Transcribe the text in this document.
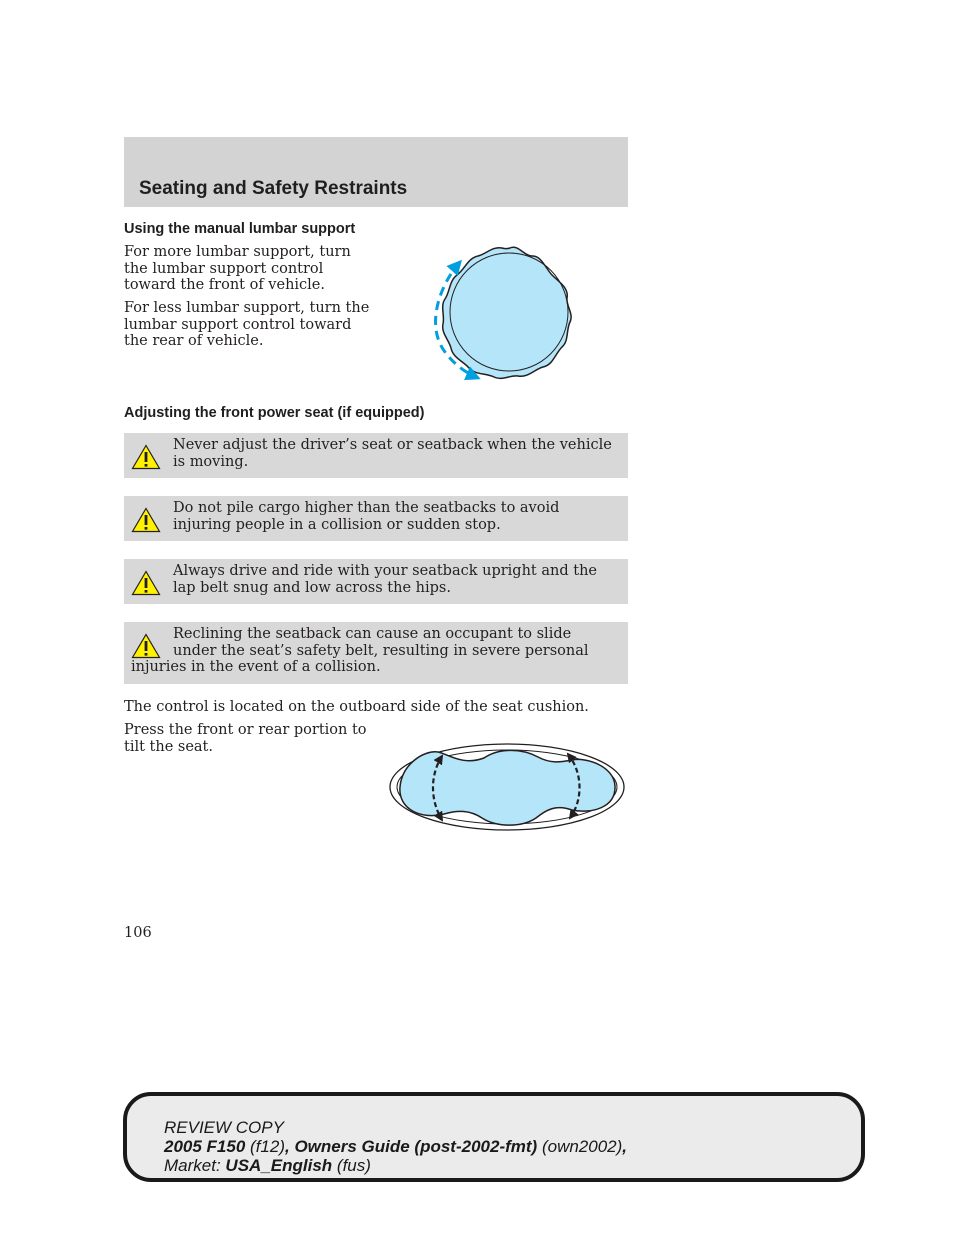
Seating and Safety Restraints
Using the manual lumbar support

For more lumbar support, turn the lumbar support control toward the front of vehicle.

For less lumbar support, turn the lumbar support control toward the rear of vehicle.

Adjusting the front power seat (if equipped)

Never adjust the driver’s seat or seatback when the vehicle is moving.

Do not pile cargo higher than the seatbacks to avoid injuring people in a collision or sudden stop.

Always drive and ride with your seatback upright and the lap belt snug and low across the hips.

Reclining the seatback can cause an occupant to slide under the seat’s safety belt, resulting in severe personal injuries in the event of a collision.

The control is located on the outboard side of the seat cushion.

Press the front or rear portion to tilt the seat.

106

REVIEW COPY
2005 F150 (f12), Owners Guide (post-2002-fmt) (own2002),
Market: USA_English (fus)
